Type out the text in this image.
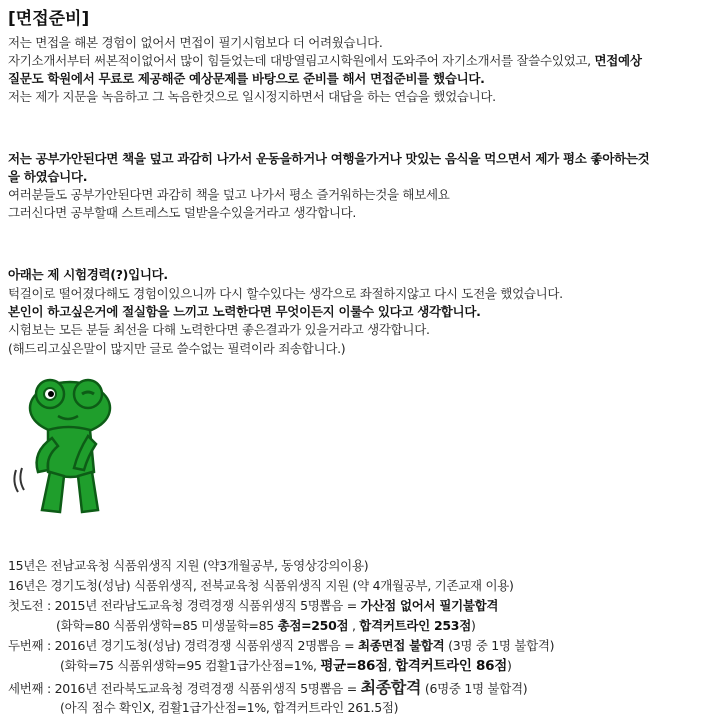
[면접준비]
저는 면접을 해본 경험이 없어서 면접이 필기시험보다 더 어려웠습니다.
자기소개서부터 써본적이없어서 많이 힘들었는데 대방열림고시학원에서 도와주어 자기소개서를 잘쓸수있었고, 면접예상
질문도 학원에서 무료로 제공해준 예상문제를 바탕으로 준비를 해서 면접준비를 했습니다.
저는 제가 지문을 녹음하고 그 녹음한것으로 일시정지하면서 대답을 하는 연습을 했었습니다.
저는 공부가안된다면 책을 덮고 과감히 나가서 운동을하거나 여행을가거나 맛있는 음식을 먹으면서 제가 평소 좋아하는것
을 하였습니다.
여러분들도 공부가안된다면 과감히 책을 덮고 나가서 평소 즐거워하는것을 해보세요
그러신다면 공부할때 스트레스도 덜받을수있을거라고 생각합니다.
아래는 제 시험경력(?)입니다.
턱걸이로 떨어졌다해도 경험이있으니까 다시 할수있다는 생각으로 좌절하지않고 다시 도전을 했었습니다.
본인이 하고싶은거에 절실함을 느끼고 노력한다면 무엇이든지 이룰수 있다고 생각합니다.
시험보는 모든 분들 최선을 다해 노력한다면 좋은결과가 있을거라고 생각합니다.
(해드리고싶은말이 많지만 글로 쓸수없는 필력이라 죄송합니다.)
15년은 전남교육청 식품위생직 지원 (약3개월공부, 동영상강의이용)
16년은 경기도청(성남) 식품위생직, 전북교육청 식품위생직 지원 (약 4개월공부, 기존교재 이용)
첫도전 : 2015년 전라남도교육청 경력경쟁 식품위생직 5명뽑음 = 가산점 없어서 필기불합격
(화학=80 식품위생학=85 미생물학=85 총점=250점 , 합격커트라인 253점)
두번째 : 2016년 경기도청(성남) 경력경쟁 식품위생직 2명뽑음 = 최종면접 불합격 (3명 중 1명 불합격)
(화학=75 식품위생학=95 컴활1급가산점=1%, 평균=86점, 합격커트라인 86점)
세번째 : 2016년 전라북도교육청 경력경쟁 식품위생직 5명뽑음 = 최종합격 (6명중 1명 불합격)
(아직 점수 확인X, 컴활1급가산점=1%, 합격커트라인 261.5점)
